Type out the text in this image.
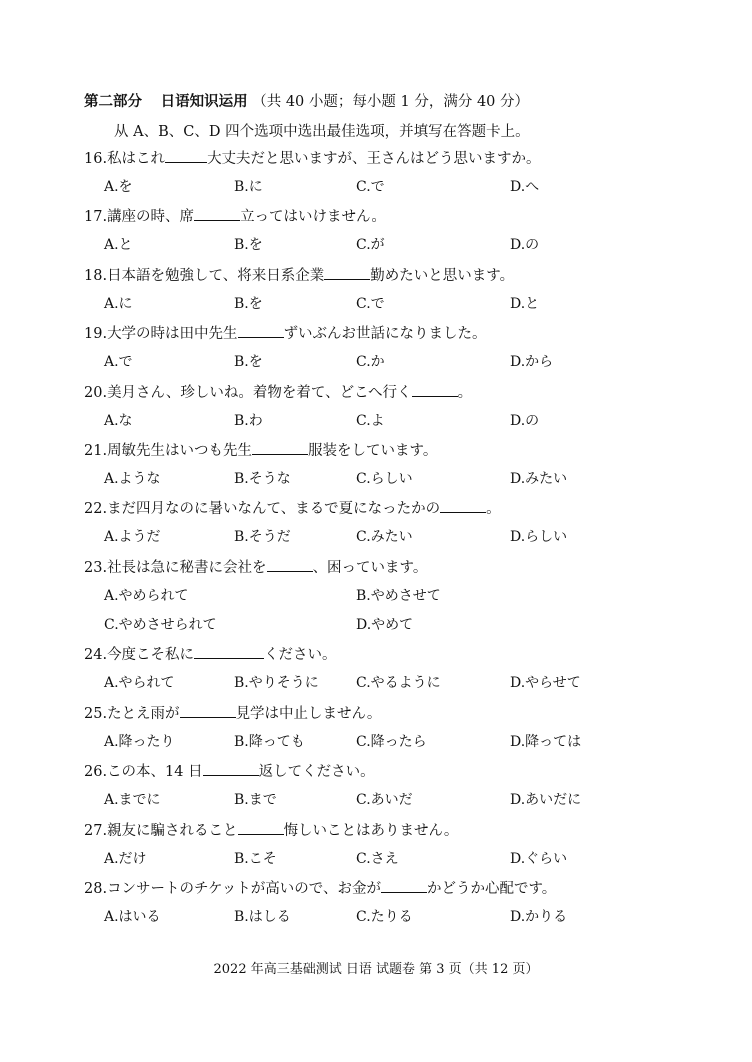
第二部分 日语知识运用 （共 40 小题；每小题 1 分，满分 40 分）
从 A、B、C、D 四个选项中选出最佳选项，并填写在答题卡上。
16.私はこれ	大丈夫だと思いますが、王さんはどう思いますか。
A.を	B.に	C.で	D.へ
17.講座の時、席	立ってはいけません。
A.と	B.を	C.が	D.の
18.日本語を勉強して、将来日系企業	勤めたいと思います。
A.に	B.を	C.で	D.と
19.大学の時は田中先生	ずいぶんお世話になりました。
A.で	B.を	C.か	D.から
20.美月さん、珍しいね。着物を着て、どこへ行く	。
A.な	B.わ	C.よ	D.の
21.周敏先生はいつも先生	服装をしています。
A.ような	B.そうな	C.らしい	D.みたい
22.まだ四月なのに暑いなんて、まるで夏になったかの	。
A.ようだ	B.そうだ	C.みたい	D.らしい
23.社長は急に秘書に会社を	、困っています。
A.やめられて	B.やめさせて
C.やめさせられて	D.やめて
24.今度こそ私に	ください。
A.やられて	B.やりそうに	C.やるように	D.やらせて
25.たとえ雨が	見学は中止しません。
A.降ったり	B.降っても	C.降ったら	D.降っては
26.この本、14 日	返してください。
A.までに	B.まで	C.あいだ	D.あいだに
27.親友に騙されること	悔しいことはありません。
A.だけ	B.こそ	C.さえ	D.ぐらい
28.コンサートのチケットが高いので、お金が	かどうか心配です。
A.はいる	B.はしる	C.たりる	D.かりる
2022 年高三基础测试 日语 试题卷 第 3 页（共 12 页）
